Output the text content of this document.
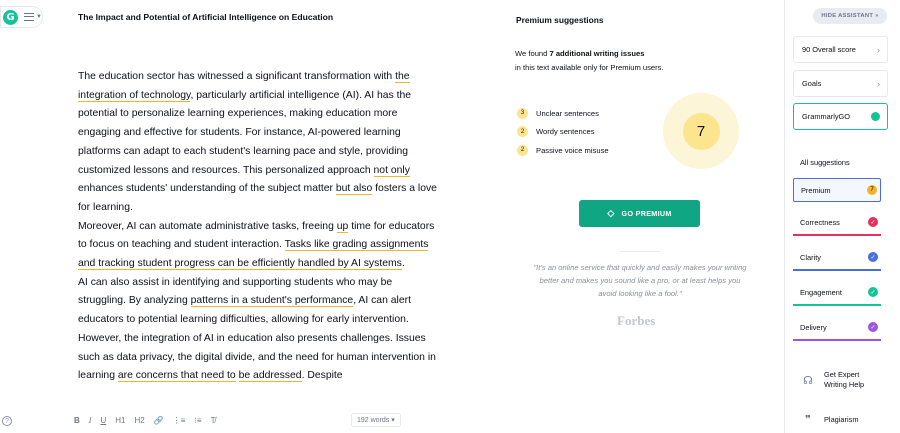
G	▼	The Impact and Potential of Artificial Intelligence on Education

The education sector has witnessed a significant transformation with the integration of technology, particularly artificial intelligence (AI). AI has the potential to personalize learning experiences, making education more engaging and effective for students. For instance, AI-powered learning platforms can adapt to each student's learning pace and style, providing customized lessons and resources. This personalized approach not only enhances students' understanding of the subject matter but also fosters a love for learning.

Moreover, AI can automate administrative tasks, freeing up time for educators to focus on teaching and student interaction. Tasks like grading assignments and tracking student progress can be efficiently handled by AI systems.

AI can also assist in identifying and supporting students who may be struggling. By analyzing patterns in a student's performance, AI can alert educators to potential learning difficulties, allowing for early intervention. However, the integration of AI in education also presents challenges. Issues such as data privacy, the digital divide, and the need for human intervention in learning are concerns that need to be addressed. Despite

?	B I U H1 H2 🔗 ⋮≡ ⁝≡ T̸	192 words ▾
Premium suggestions
We found 7 additional writing issues
in this text available only for Premium users.
3	Unclear sentences
2	Wordy sentences
2	Passive voice misuse
7
◇ GO PREMIUM
"It's an online service that quickly and easily makes your writing better and makes you sound like a pro, or at least helps you avoid looking like a fool."
Forbes
HIDE ASSISTANT
»
90 Overall score ›
Goals	›
GrammarlyGO
All suggestions
Premium	7
Correctness	✓
Clarity	✓
Engagement	✓
Delivery	✓
☊	Get Expert Writing Help
❞	Plagiarism
